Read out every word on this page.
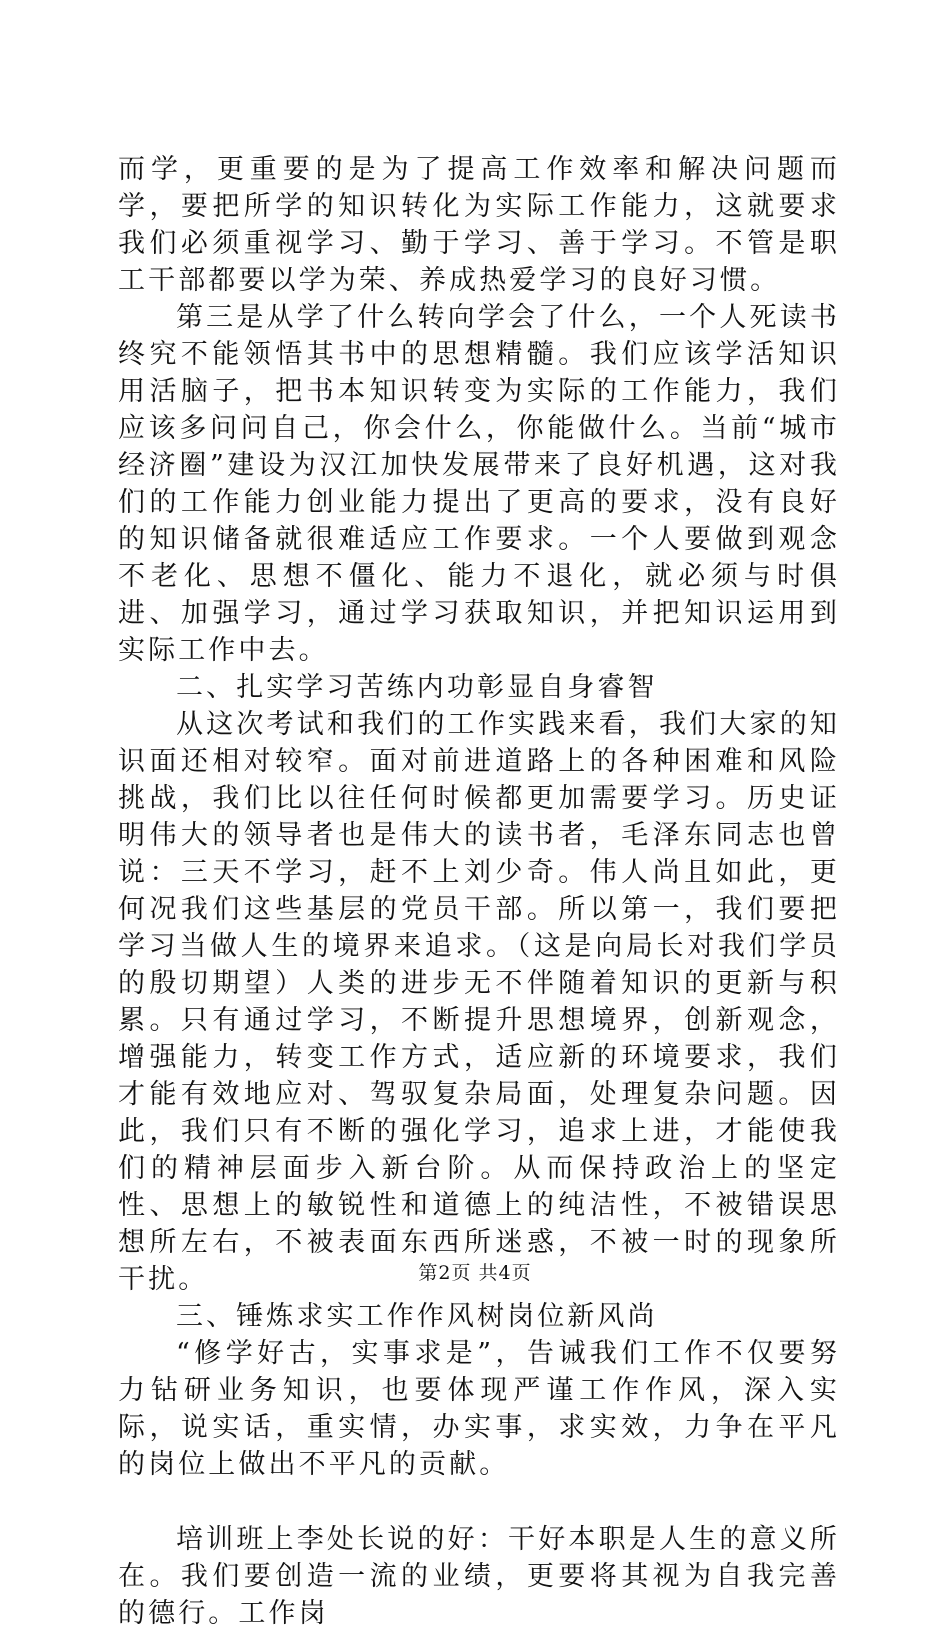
而学，更重要的是为了提高工作效率和解决问题而学，要把所学的知识转化为实际工作能力，这就要求我们必须重视学习、勤于学习、善于学习。不管是职工干部都要以学为荣、养成热爱学习的良好习惯。

第三是从学了什么转向学会了什么，一个人死读书终究不能领悟其书中的思想精髓。我们应该学活知识用活脑子，把书本知识转变为实际的工作能力，我们应该多问问自己，你会什么，你能做什么。当前“城市经济圈”建设为汉江加快发展带来了良好机遇，这对我们的工作能力创业能力提出了更高的要求，没有良好的知识储备就很难适应工作要求。一个人要做到观念不老化、思想不僵化、能力不退化，就必须与时俱进、加强学习，通过学习获取知识，并把知识运用到实际工作中去。

二、扎实学习苦练内功彰显自身睿智

从这次考试和我们的工作实践来看，我们大家的知识面还相对较窄。面对前进道路上的各种困难和风险挑战，我们比以往任何时候都更加需要学习。历史证明伟大的领导者也是伟大的读书者，毛泽东同志也曾说：三天不学习，赶不上刘少奇。伟人尚且如此，更何况我们这些基层的党员干部。所以第一，我们要把学习当做人生的境界来追求。（这是向局长对我们学员的殷切期望）人类的进步无不伴随着知识的更新与积累。只有通过学习，不断提升思想境界，创新观念，增强能力，转变工作方式，适应新的环境要求，我们才能有效地应对、驾驭复杂局面，处理复杂问题。因此，我们只有不断的强化学习，追求上进，才能使我们的精神层面步入新台阶。从而保持政治上的坚定性、思想上的敏锐性和道德上的纯洁性，不被错误思想所左右，不被表面东西所迷惑，不被一时的现象所干扰。

三、锤炼求实工作作风树岗位新风尚

“修学好古，实事求是”，告诫我们工作不仅要努力钻研业务知识，也要体现严谨工作作风，深入实际，说实话，重实情，办实事，求实效，力争在平凡的岗位上做出不平凡的贡献。

培训班上李处长说的好：干好本职是人生的意义所在。我们要创造一流的业绩，更要将其视为自我完善的德行。工作岗

第2页 共4页
